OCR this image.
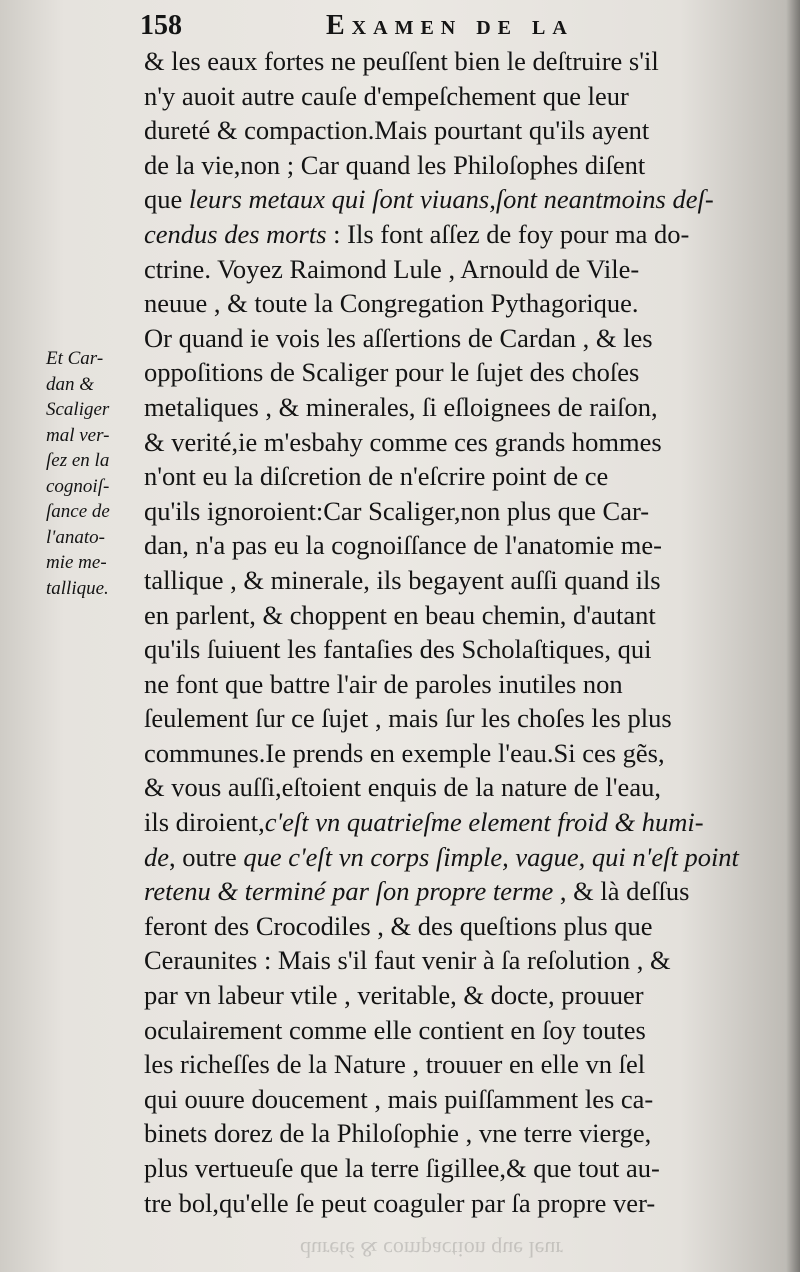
158	Examen de la
Et Car-
dan &
Scaliger
mal ver-
ſez en la
cognoiſ-
ſance de
l'anato-
mie me-
tallique.
& les eaux fortes ne peuſſent bien le deſtruire s'il
n'y auoit autre cauſe d'empeſchement que leur
dureté & compaction.Mais pourtant qu'ils ayent
de la vie,non ; Car quand les Philoſophes diſent
que leurs metaux qui ſont viuans,ſont neantmoins deſ-
cendus des morts : Ils font aſſez de foy pour ma do-
ctrine. Voyez Raimond Lule , Arnould de Vile-
neuue , & toute la Congregation Pythagorique.
Or quand ie vois les aſſertions de Cardan , & les
oppoſitions de Scaliger pour le ſujet des choſes
metaliques , & minerales, ſi eſloignees de raiſon,
& verité,ie m'esbahy comme ces grands hommes
n'ont eu la diſcretion de n'eſcrire point de ce
qu'ils ignoroient:Car Scaliger,non plus que Car-
dan, n'a pas eu la cognoiſſance de l'anatomie me-
tallique , & minerale, ils begayent auſſi quand ils
en parlent, & choppent en beau chemin, d'autant
qu'ils ſuiuent les fantaſies des Scholaſtiques, qui
ne font que battre l'air de paroles inutiles non
ſeulement ſur ce ſujet , mais ſur les choſes les plus
communes.Ie prends en exemple l'eau.Si ces gẽs,
& vous auſſi,eſtoient enquis de la nature de l'eau,
ils diroient,c'eſt vn quatrieſme element froid & humi-
de, outre que c'eſt vn corps ſimple, vague, qui n'eſt point
retenu & terminé par ſon propre terme , & là deſſus
feront des Crocodiles , & des queſtions plus que
Ceraunites : Mais s'il faut venir à ſa reſolution , &
par vn labeur vtile , veritable, & docte, prouuer
oculairement comme elle contient en ſoy toutes
les richeſſes de la Nature , trouuer en elle vn ſel
qui ouure doucement , mais puiſſamment les ca-
binets dorez de la Philoſophie , vne terre vierge,
plus vertueuſe que la terre ſigillee,& que tout au-
tre bol,qu'elle ſe peut coaguler par ſa propre ver-
dureté & compaction que leur
